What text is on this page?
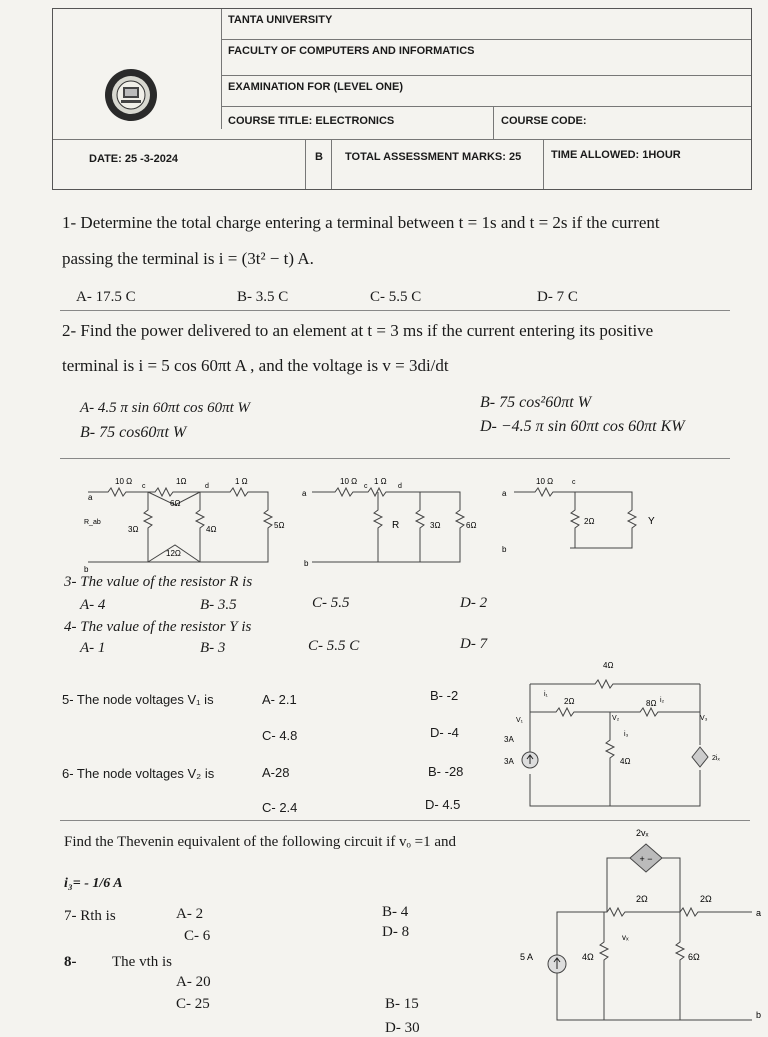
TANTA UNIVERSITY
FACULTY OF COMPUTERS AND INFORMATICS
EXAMINATION FOR (LEVEL ONE)
COURSE TITLE: ELECTRONICS	COURSE CODE:
DATE: 25 -3-2024	B TOTAL ASSESSMENT MARKS: 25	TIME ALLOWED: 1HOUR
1- Determine the total charge entering a terminal between t = 1s and t = 2s if the current
passing the terminal is i = (3t² − t) A.
A- 17.5 C	B- 3.5 C	C- 5.5 C	D- 7 C
2- Find the power delivered to an element at t = 3 ms if the current entering its positive
terminal is i = 5 cos 60πt A , and the voltage is v = 3di/dt
A- 4.5 π sin 60πt cos 60πt W	B- 75 cos²60πt W
B- 75 cos60πt W	D- −4.5 π sin 60πt cos 60πt KW
a
10 Ω	1Ω	1 Ω
6Ω
3Ω	4Ω	5Ω
12Ω
b
c	d
R_ab
a
10 Ω 1 Ω
R	3Ω	6Ω
b
c	d
a
10 Ω
2Ω	Y
b
c
3- The value of the resistor R is
A- 4	B- 3.5	C- 5.5	D- 2
4- The value of the resistor Y is
A- 1	B- 3	C- 5.5 C	D- 7
5- The node voltages V₁ is	A- 2.1	B- -2
C- 4.8	D- -4
6- The node voltages V₂ is	A-28	B- -28
C- 2.4	D- 4.5
4Ω
2Ω	8Ω
4Ω
3A
3A
V₁	V₂	V₃
i₁
i₂
i₃
2iₓ
Find the Thevenin equivalent of the following circuit if vₒ =1 and
i₃= - 1/6 A
7- Rth is	A- 2
C- 6
B- 4
D- 8
8- The vth is
A- 20
C- 25	B- 15
D- 30
+ −
2vₓ
2Ω	2Ω
4Ω	6Ω
5 A
vₓ
a
b
